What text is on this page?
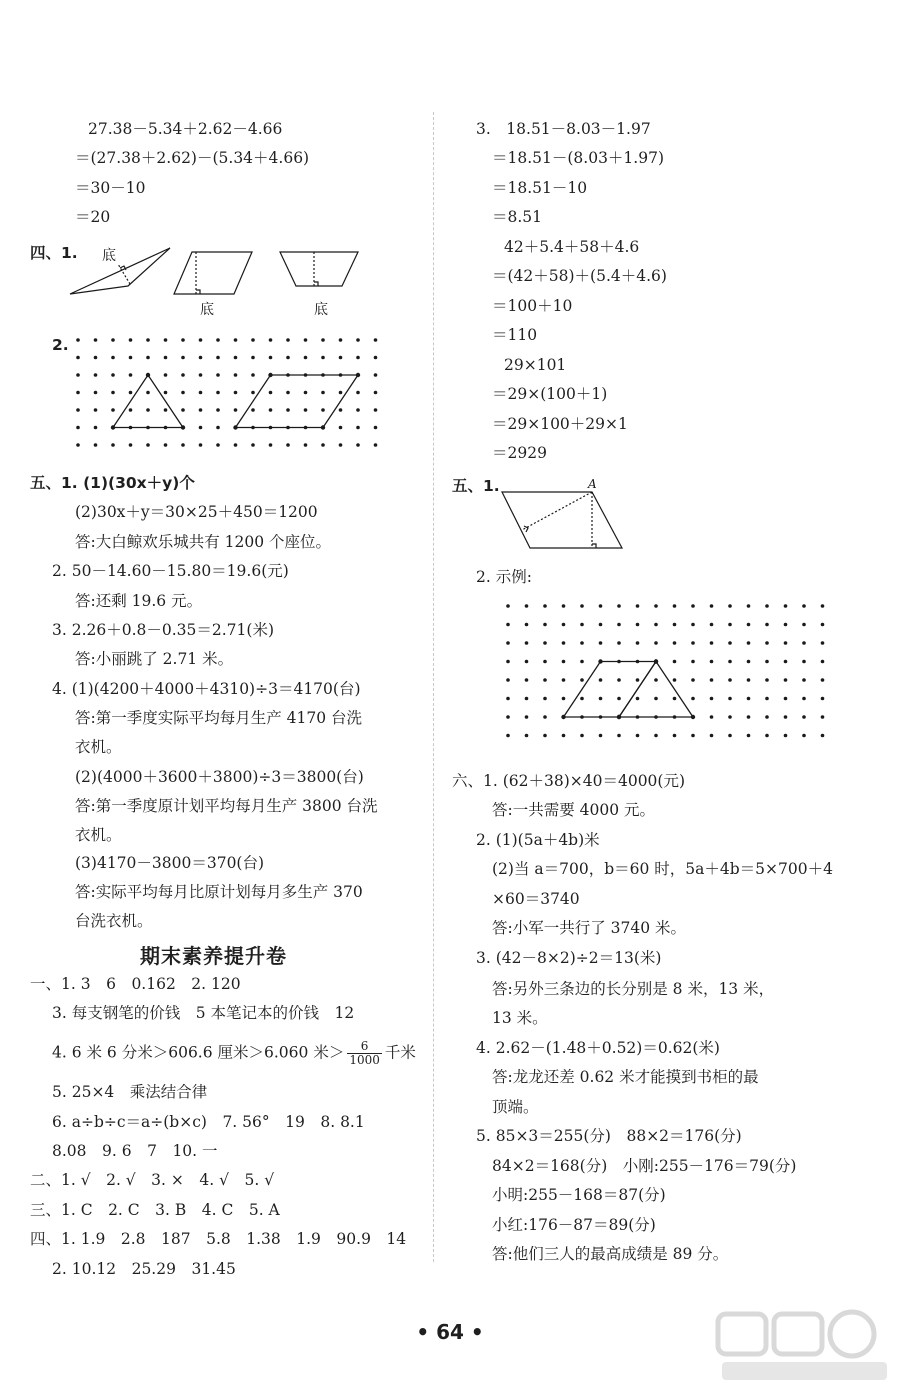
27.38－5.34＋2.62－4.66
＝(27.38＋2.62)－(5.34＋4.66)
＝30－10
＝20
四、1. 底
底	底
2.
五、1. (1)(30x＋y)个
(2)30x＋y＝30×25＋450＝1200
答:大白鲸欢乐城共有 1200 个座位。
2. 50－14.60－15.80＝19.6(元)
答:还剩 19.6 元。
3. 2.26＋0.8－0.35＝2.71(米)
答:小丽跳了 2.71 米。
4. (1)(4200＋4000＋4310)÷3＝4170(台)
答:第一季度实际平均每月生产 4170 台洗
衣机。
(2)(4000＋3600＋3800)÷3＝3800(台)
答:第一季度原计划平均每月生产 3800 台洗
衣机。
(3)4170－3800＝370(台)
答:实际平均每月比原计划每月多生产 370
台洗衣机。
期末素养提升卷
一、1. 3　6　0.162　2. 120
3. 每支钢笔的价钱　5 本笔记本的价钱　12
4. 6 米 6 分米＞606.6 厘米＞6.060 米＞ $\frac{6}{1000}$ 千米
5. 25×4　乘法结合律
6. a÷b÷c＝a÷(b×c)　7. 56°　19　8. 8.1
8.08　9. 6　7　10. 一
二、1. √　2. √　3. ×　4. √　5. √
三、1. C　2. C　3. B　4. C　5. A
四、1. 1.9　2.8　187　5.8　1.38　1.9　90.9　14
2. 10.12　25.29　31.45
3.　18.51－8.03－1.97
＝18.51－(8.03＋1.97)
＝18.51－10
＝8.51
42＋5.4＋58＋4.6
＝(42＋58)＋(5.4＋4.6)
＝100＋10
＝110
29×101
＝29×(100＋1)
＝29×100＋29×1
＝2929
五、1.	A
2. 示例:
六、1. (62＋38)×40＝4000(元)
答:一共需要 4000 元。
2. (1)(5a＋4b)米
(2)当 a＝700，b＝60 时，5a＋4b＝5×700＋4
×60＝3740
答:小军一共行了 3740 米。
3. (42－8×2)÷2＝13(米)
答:另外三条边的长分别是 8 米，13 米，
13 米。
4. 2.62－(1.48＋0.52)＝0.62(米)
答:龙龙还差 0.62 米才能摸到书柜的最
顶端。
5. 85×3＝255(分)　88×2＝176(分)
84×2＝168(分)　小刚:255－176＝79(分)
小明:255－168＝87(分)
小红:176－87＝89(分)
答:他们三人的最高成绩是 89 分。
• 64 •
